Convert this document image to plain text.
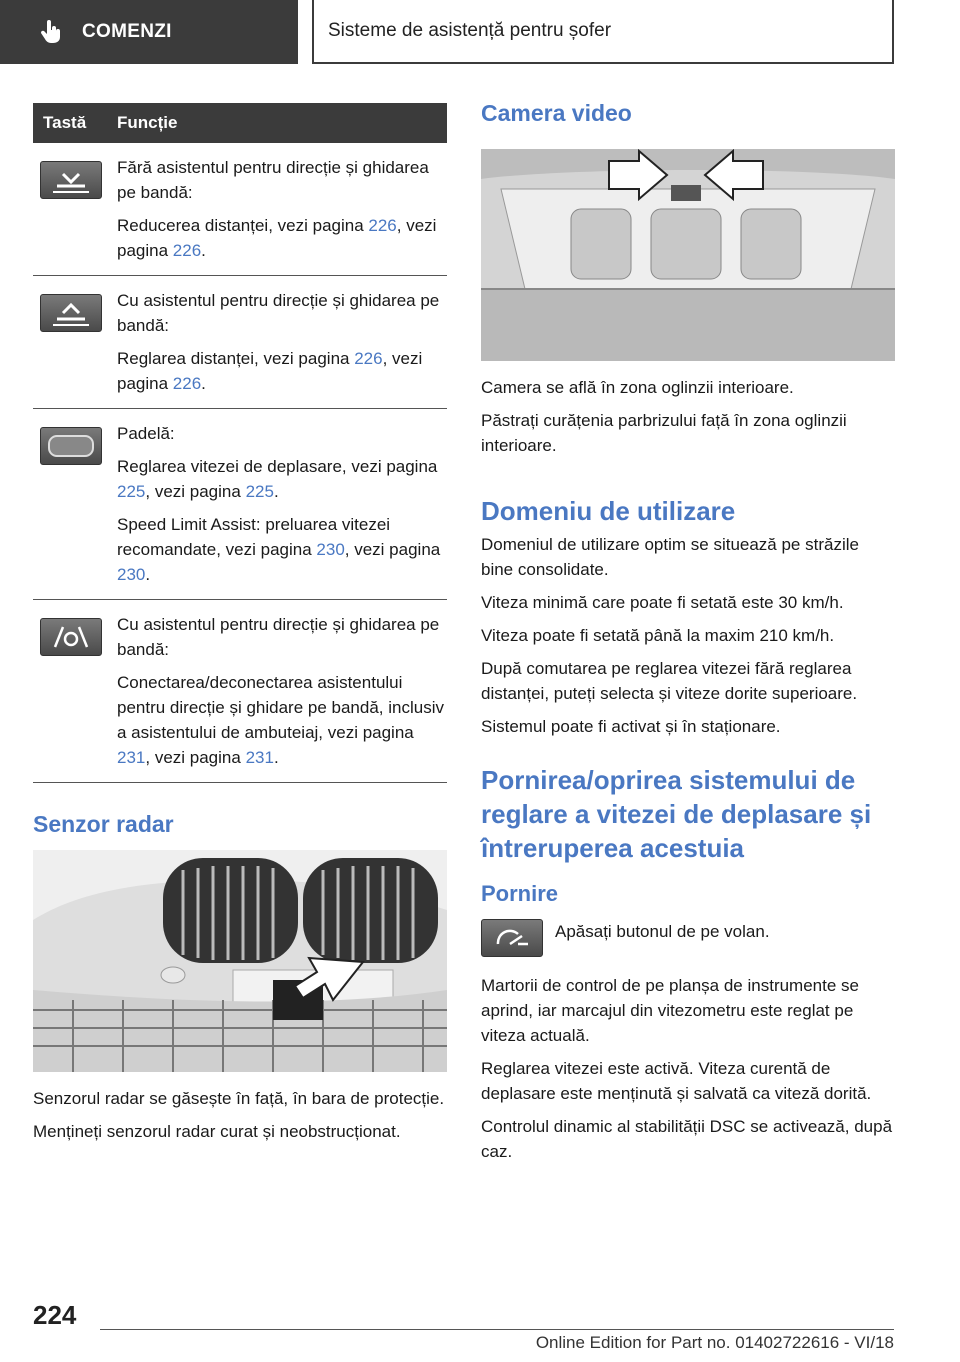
COMENZI	Sisteme de asistență pentru șofer
Tastă	Funcție

Fără asistentul pentru direcție și ghidarea pe bandă:

Reducerea distanței, vezi pagina 226, vezi pagina 226.

Cu asistentul pentru direcție și ghidarea pe bandă:

Reglarea distanței, vezi pagina 226, vezi pagina 226.

Padelă:

Reglarea vitezei de deplasare, vezi pagina 225, vezi pagina 225.

Speed Limit Assist: preluarea vitezei recomandate, vezi pagina 230, vezi pagina 230.

Cu asistentul pentru direcție și ghidarea pe bandă:

Conectarea/deconectarea asistentului pentru direcție și ghidare pe bandă, inclusiv a asistentului de ambuteiaj, vezi pagina 231, vezi pagina 231.

Senzor radar

Senzorul radar se găsește în față, în bara de protecție.

Mențineți senzorul radar curat și neobstrucționat.

Camera video

Camera se află în zona oglinzii interioare.

Păstrați curățenia parbrizului față în zona oglinzii interioare.

Domeniu de utilizare

Domeniul de utilizare optim se situează pe străzile bine consolidate.

Viteza minimă care poate fi setată este 30 km/h.

Viteza poate fi setată până la maxim 210 km/h.

După comutarea pe reglarea vitezei fără reglarea distanței, puteți selecta și viteze dorite superioare.

Sistemul poate fi activat și în staționare.

Pornirea/oprirea sistemului de reglare a vitezei de deplasare și întreruperea acestuia
Pornire

Apăsați butonul de pe volan.

Martorii de control de pe planșa de instrumente se aprind, iar marcajul din vitezometru este reglat pe viteza actuală.

Reglarea vitezei este activă. Viteza curentă de deplasare este menținută și salvată ca viteză dorită.

Controlul dinamic al stabilității DSC se activează, după caz.

224
Online Edition for Part no. 01402722616 - VI/18
